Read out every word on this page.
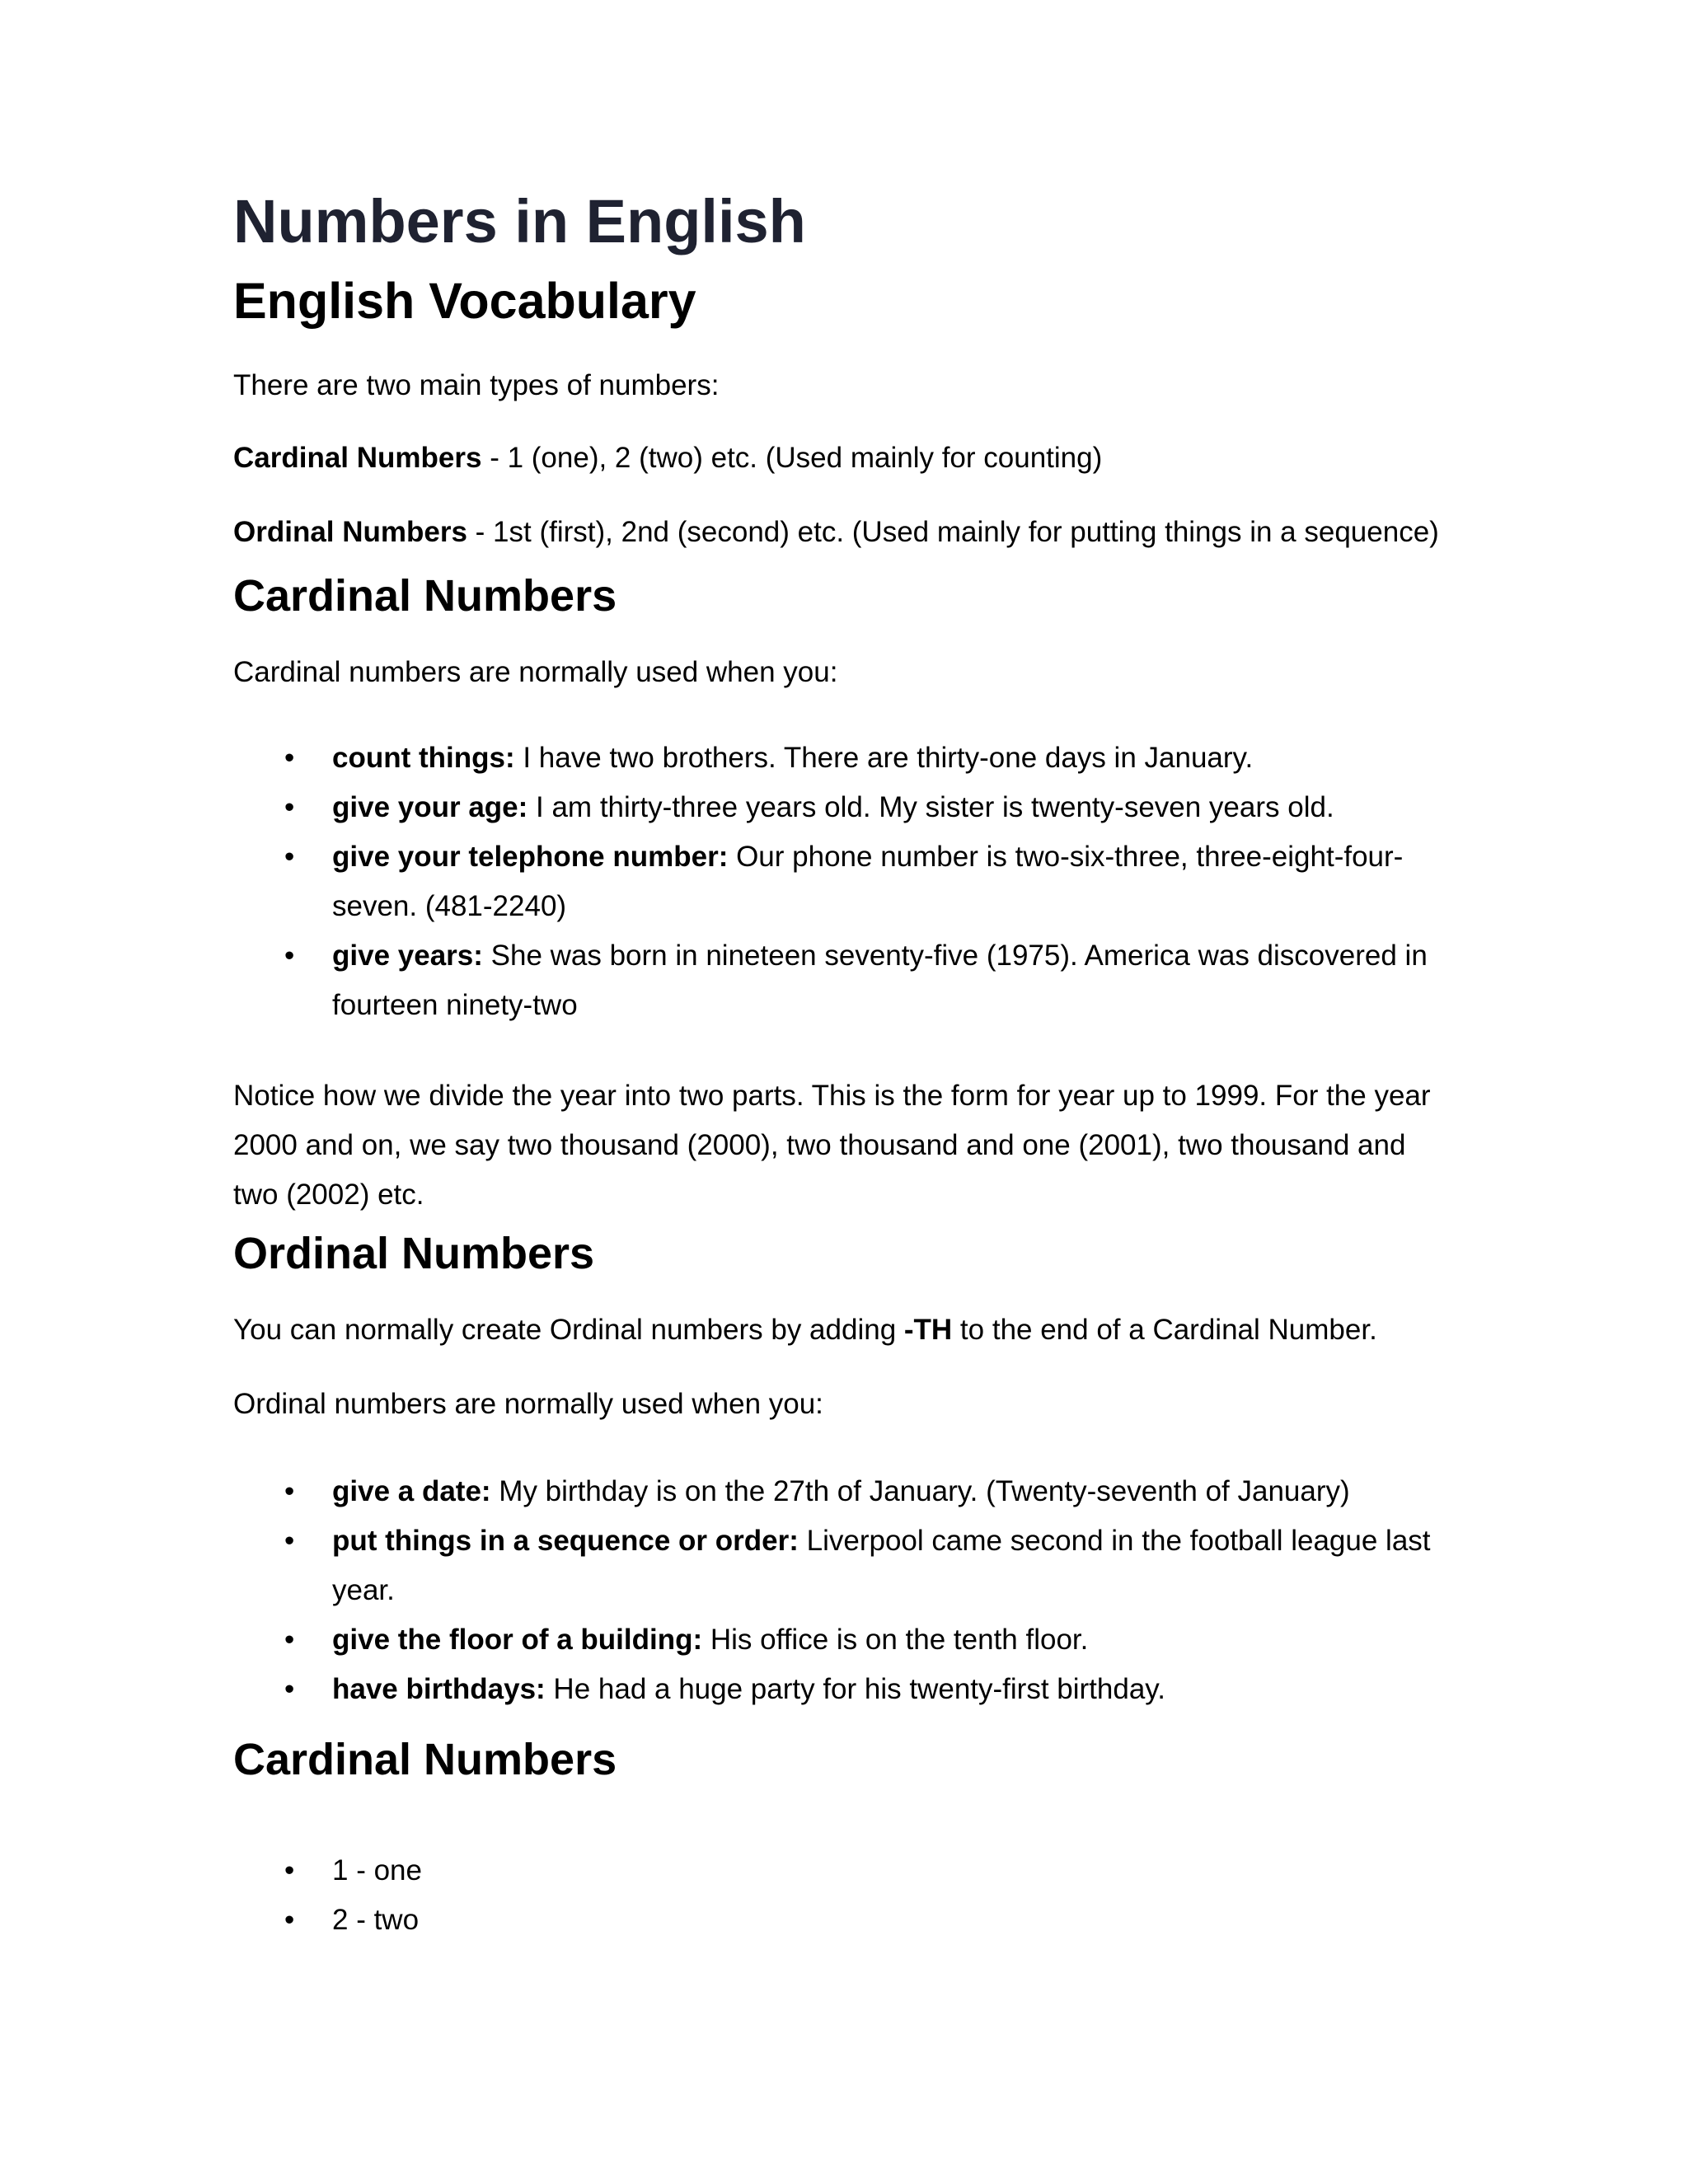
Numbers in English
English Vocabulary

There are two main types of numbers:

Cardinal Numbers - 1 (one), 2 (two) etc. (Used mainly for counting)

Ordinal Numbers - 1st (first), 2nd (second) etc. (Used mainly for putting things in a sequence)

Cardinal Numbers

Cardinal numbers are normally used when you:

• count things: I have two brothers. There are thirty-one days in January.
• give your age: I am thirty-three years old. My sister is twenty-seven years old.
• give your telephone number: Our phone number is two-six-three, three-eight-four-seven. (481-2240)
• give years: She was born in nineteen seventy-five (1975). America was discovered in fourteen ninety-two

Notice how we divide the year into two parts. This is the form for year up to 1999. For the year

2000 and on, we say two thousand (2000), two thousand and one (2001), two thousand and

two (2002) etc.

Ordinal Numbers

You can normally create Ordinal numbers by adding -TH to the end of a Cardinal Number.

Ordinal numbers are normally used when you:

• give a date: My birthday is on the 27th of January. (Twenty-seventh of January)
• put things in a sequence or order: Liverpool came second in the football league last year.
• give the floor of a building: His office is on the tenth floor.
• have birthdays: He had a huge party for his twenty-first birthday.
Cardinal Numbers
• 1 - one
• 2 - two
